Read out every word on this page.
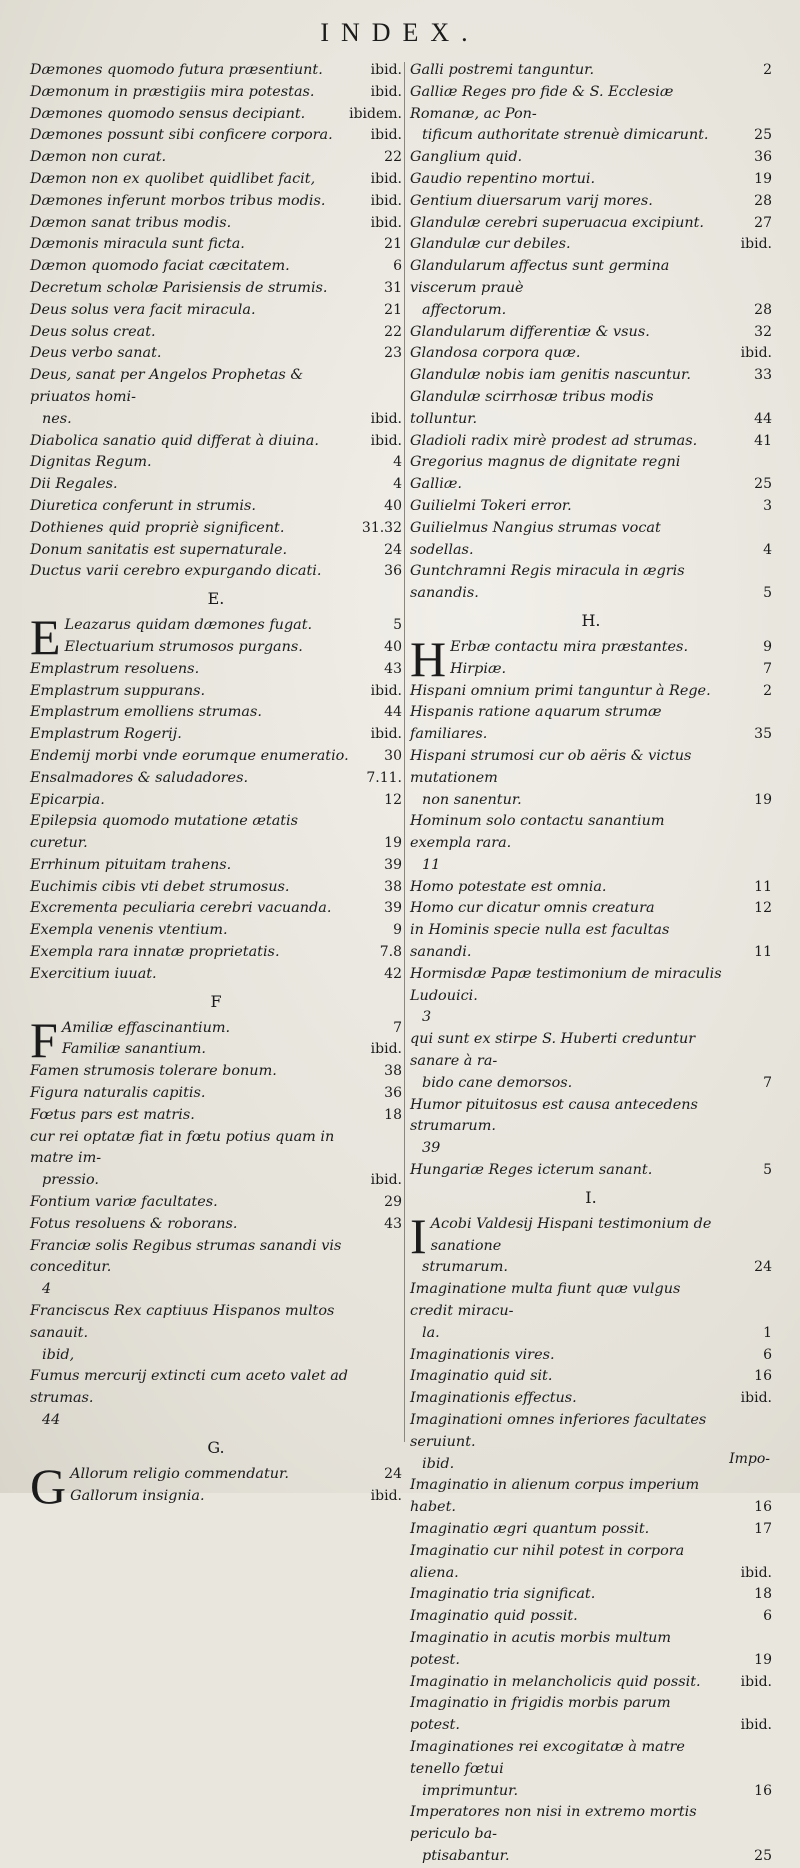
INDEX.
Dæmones quomodo futura præsentiunt.	ibid.
Dæmonum in præstigiis mira potestas.	ibid.
Dæmones quomodo sensus decipiant.	ibidem.
Dæmones possunt sibi conficere corpora.	ibid.
Dæmon non curat.	22
Dæmon non ex quolibet quidlibet facit,	ibid.
Dæmones inferunt morbos tribus modis.	ibid.
Dæmon sanat tribus modis.	ibid.
Dæmonis miracula sunt ficta.	21
Dæmon quomodo faciat cæcitatem.	6
Decretum scholæ Parisiensis de strumis.	31
Deus solus vera facit miracula.	21
Deus solus creat.	22
Deus verbo sanat.	23
Deus, sanat per Angelos Prophetas & priuatos homi-
nes.	ibid.
Diabolica sanatio quid differat à diuina.	ibid.
Dignitas Regum.	4
Dii Regales.	4
Diuretica conferunt in strumis.	40
Dothienes quid propriè significent.	31.32
Donum sanitatis est supernaturale.	24
Ductus varii cerebro expurgando dicati.	36
E.
E Leazarus quidam dæmones fugat.	5
Electuarium strumosos purgans.	40
Emplastrum resoluens.	43
Emplastrum suppurans.	ibid.
Emplastrum emolliens strumas.	44
Emplastrum Rogerij.	ibid.
Endemij morbi vnde eorumque enumeratio.	30
Ensalmadores & saludadores.	7.11.
Epicarpia.	12
Epilepsia quomodo mutatione ætatis curetur.	19
Errhinum pituitam trahens.	39
Euchimis cibis vti debet strumosus.	38
Excrementa peculiaria cerebri vacuanda.	39
Exempla venenis vtentium.	9
Exempla rara innatæ proprietatis.	7.8
Exercitium iuuat.	42
F
F Amiliæ effascinantium.	7
Familiæ sanantium.	ibid.
Famen strumosis tolerare bonum.	38
Figura naturalis capitis.	36
Fœtus pars est matris.	18
cur rei optatæ fiat in fœtu potius quam in matre im-
pressio.	ibid.
Fontium variæ facultates.	29
Fotus resoluens & roborans.	43
Franciæ solis Regibus strumas sanandi vis conceditur.
4
Franciscus Rex captiuus Hispanos multos sanauit.
ibid,
Fumus mercurij extincti cum aceto valet ad strumas.
44
G.
G Allorum religio commendatur.	24
Gallorum insignia.	ibid.
Galli postremi tanguntur.	2
Galliæ Reges pro fide & S. Ecclesiæ Romanæ, ac Pon-
tificum authoritate strenuè dimicarunt.	25
Ganglium quid.	36
Gaudio repentino mortui.	19
Gentium diuersarum varij mores.	28
Glandulæ cerebri superuacua excipiunt.	27
Glandulæ cur debiles.	ibid.
Glandularum affectus sunt germina viscerum prauè
affectorum.	28
Glandularum differentiæ & vsus.	32
Glandosa corpora quæ.	ibid.
Glandulæ nobis iam genitis nascuntur.	33
Glandulæ scirrhosæ tribus modis tolluntur.	44
Gladioli radix mirè prodest ad strumas.	41
Gregorius magnus de dignitate regni Galliæ.	25
Guilielmi Tokeri error.	3
Guilielmus Nangius strumas vocat sodellas.	4
Guntchramni Regis miracula in ægris sanandis.	5
H.
H Erbæ contactu mira præstantes.	9
Hirpiæ.	7
Hispani omnium primi tanguntur à Rege.	2
Hispanis ratione aquarum strumæ familiares.	35
Hispani strumosi cur ob aëris & victus mutationem
non sanentur.	19
Hominum solo contactu sanantium exempla rara.
11
Homo potestate est omnia.	11
Homo cur dicatur omnis creatura	12
in Hominis specie nulla est facultas sanandi.	11
Hormisdæ Papæ testimonium de miraculis Ludouici.
3
qui sunt ex stirpe S. Huberti creduntur sanare à ra-
bido cane demorsos.	7
Humor pituitosus est causa antecedens strumarum.
39
Hungariæ Reges icterum sanant.	5
I.
I Acobi Valdesij Hispani testimonium de sanatione
strumarum.	24
Imaginatione multa fiunt quæ vulgus credit miracu-
la.	1
Imaginationis vires.	6
Imaginatio quid sit.	16
Imaginationis effectus.	ibid.
Imaginationi omnes inferiores facultates seruiunt.
ibid.
Imaginatio in alienum corpus imperium habet.	16
Imaginatio ægri quantum possit.	17
Imaginatio cur nihil potest in corpora aliena.	ibid.
Imaginatio tria significat.	18
Imaginatio quid possit.	6
Imaginatio in acutis morbis multum potest.	19
Imaginatio in melancholicis quid possit.	ibid.
Imaginatio in frigidis morbis parum potest.	ibid.
Imaginationes rei excogitatæ à matre tenello fœtui
imprimuntur.	16
Imperatores non nisi in extremo mortis periculo ba-
ptisabantur.	25
Impo-
